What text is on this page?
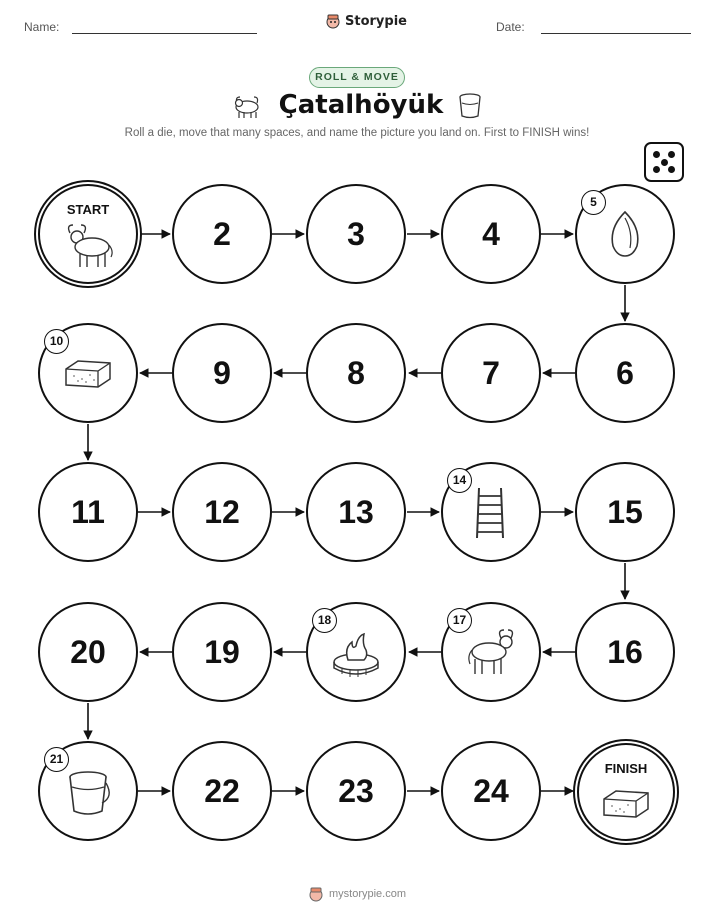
Name:	Storypie	Date:
ROLL & MOVE
Çatalhöyük
Roll a die, move that many spaces, and name the picture you land on. First to FINISH wins!
START
2	3	4
5
6
7
8
9
10
11	12	13
14
15
16
17
18
19
20
21
22	23	24
FINISH
mystorypie.com
